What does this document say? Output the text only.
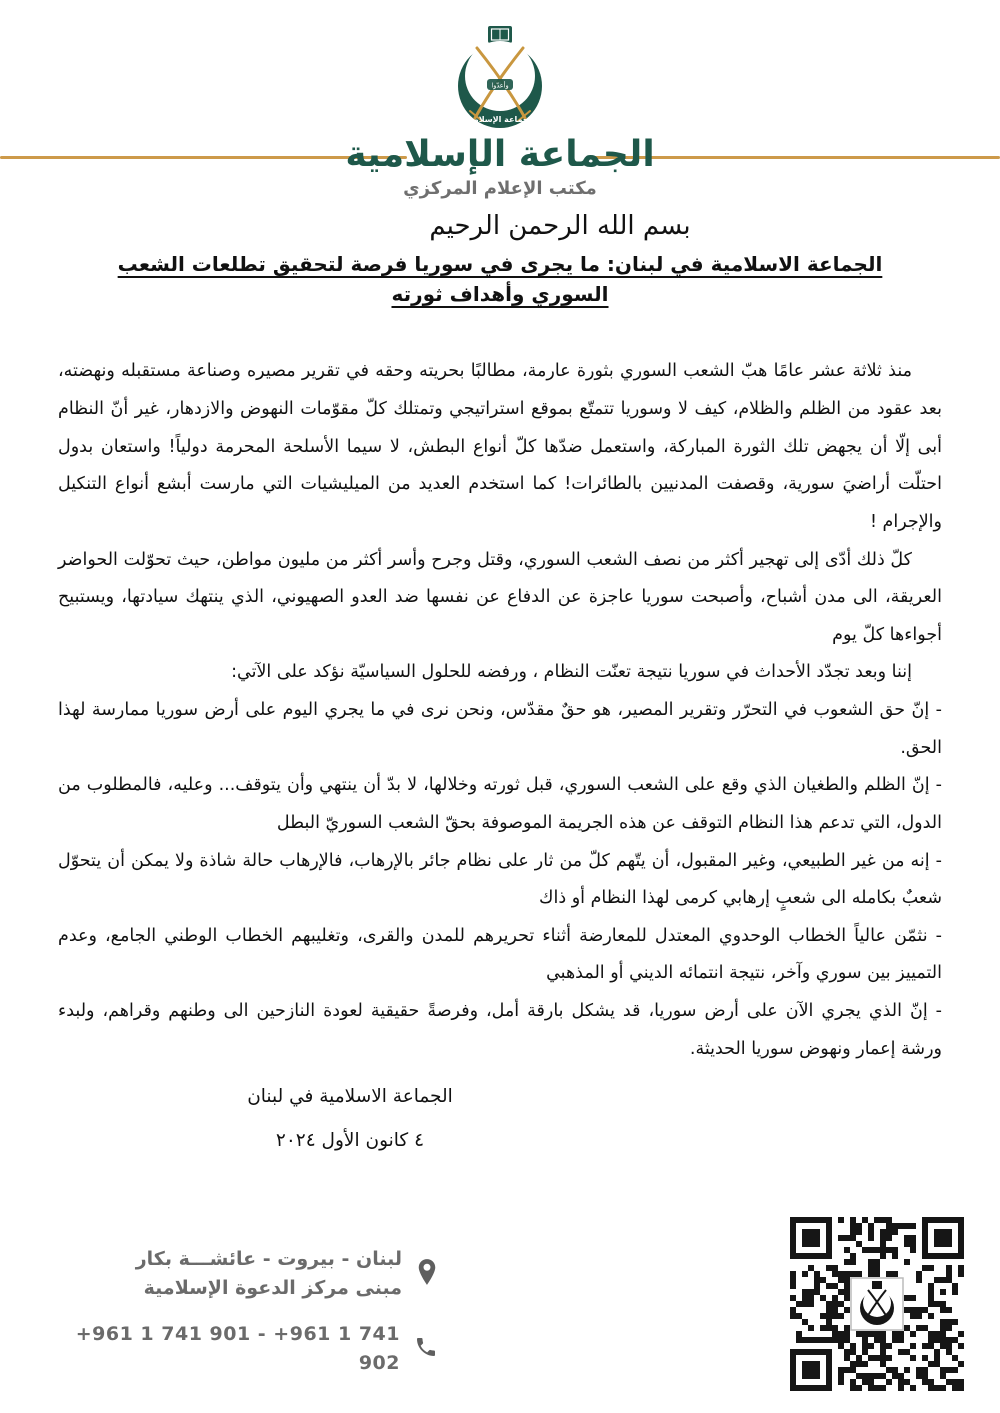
وأعدّوا
الجماعة الإسلامية
الجماعة الإسلامية
مكتب الإعلام المركزي
بسم الله الرحمن الرحيم
الجماعة الاسلامية في لبنان: ما يجرى في سوريا فرصة لتحقيق تطلعات الشعب السوري وأهداف ثورته

منذ ثلاثة عشر عامًا هبّ الشعب السوري بثورة عارمة، مطالبًا بحريته وحقه في تقرير مصيره وصناعة مستقبله ونهضته، بعد عقود من الظلم والظلام، كيف لا وسوريا تتمتّع بموقع استراتيجي وتمتلك كلّ مقوّمات النهوض والازدهار، غير أنّ النظام أبى إلّا أن يجهض تلك الثورة المباركة، واستعمل ضدّها كلّ أنواع البطش، لا سيما الأسلحة المحرمة دولياً! واستعان بدول احتلّت أراضيَ سورية، وقصفت المدنيين بالطائرات! كما استخدم العديد من الميليشيات التي مارست أبشع أنواع التنكيل والإجرام !

كلّ ذلك أدّى إلى تهجير أكثر من نصف الشعب السوري، وقتل وجرح وأسر أكثر من مليون مواطن، حيث تحوّلت الحواضر العريقة، الى مدن أشباح، وأصبحت سوريا عاجزة عن الدفاع عن نفسها ضد العدو الصهيوني، الذي ينتهك سيادتها، ويستبيح أجواءها كلّ يوم

إننا وبعد تجدّد الأحداث في سوريا نتيجة تعنّت النظام ، ورفضه للحلول السياسيّة نؤكد على الآتي:

- إنّ حق الشعوب في التحرّر وتقرير المصير، هو حقٌ مقدّس، ونحن نرى في ما يجري اليوم على أرض سوريا ممارسة لهذا الحق.

- إنّ الظلم والطغيان الذي وقع على الشعب السوري، قبل ثورته وخلالها، لا بدّ أن ينتهي وأن يتوقف... وعليه، فالمطلوب من الدول، التي تدعم هذا النظام التوقف عن هذه الجريمة الموصوفة بحقّ الشعب السوريّ البطل

- إنه من غير الطبيعي، وغير المقبول، أن يتّهم كلّ من ثار على نظام جائر بالإرهاب، فالإرهاب حالة شاذة ولا يمكن أن يتحوّل شعبٌ بكامله الى شعبٍ إرهابي كرمى لهذا النظام أو ذاك

- نثمّن عالياً الخطاب الوحدوي المعتدل للمعارضة أثناء تحريرهم للمدن والقرى، وتغليبهم الخطاب الوطني الجامع، وعدم التمييز بين سوري وآخر، نتيجة انتمائه الديني أو المذهبي

- إنّ الذي يجري الآن على أرض سوريا، قد يشكل بارقة أمل، وفرصةً حقيقية لعودة النازحين الى وطنهم وقراهم، ولبدء ورشة إعمار ونهوض سوريا الحديثة.

الجماعة الاسلامية في لبنان
٤ كانون الأول ٢٠٢٤
لبنان - بيروت - عائشـــة بكار
مبنى مركز الدعوة الإسلامية
+961 1 741 901 - +961 1 741 902
